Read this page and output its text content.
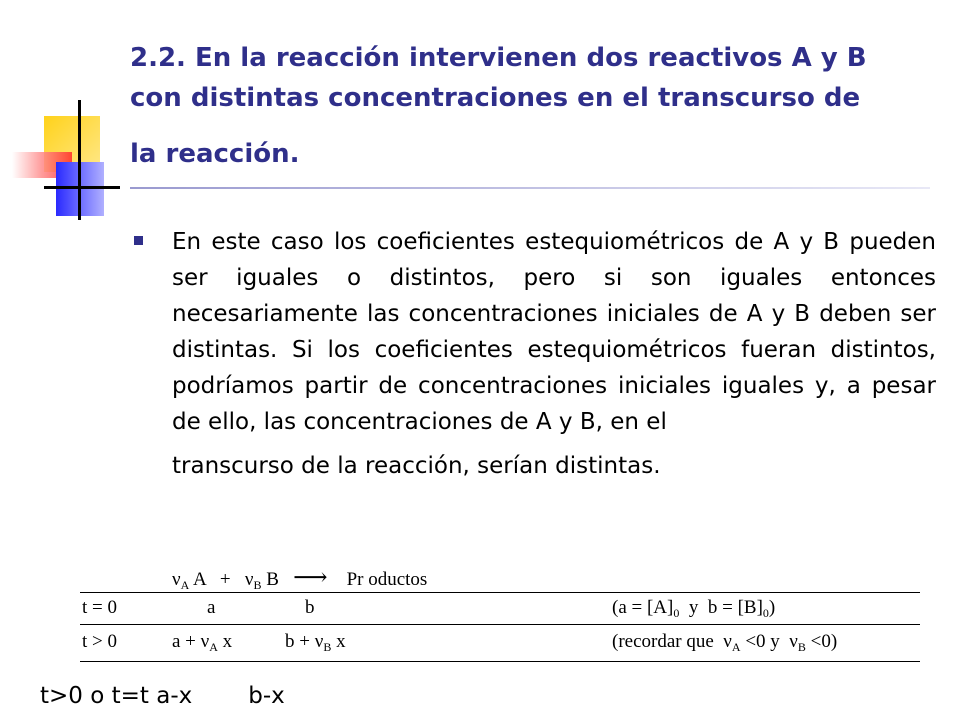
2.2. En la reacción intervienen dos reactivos A y B
con distintas concentraciones en el transcurso de
la reacción.

En este caso los coeficientes estequiométricos de A y B pueden ser iguales o distintos, pero si son iguales entonces necesariamente las concentraciones iniciales de A y B deben ser distintas. Si los coeficientes estequiométricos fueran distintos, podríamos partir de concentraciones iniciales iguales y, a pesar de ello, las concentraciones de A y B, en el
transcurso de la reacción, serían distintas.

$\nu_A$ $A + \nu_B$ B ⟶ Pr oductos
t = 0	a	b	($a = [A]_0$  y  $b = [B]_0$)
t > 0	$a + \nu_A$ x	$b + \nu_B$ x	(recordar que  $\nu_A <0$ y  $\nu_B <0$)
t>0 o t=t a-x b-x
